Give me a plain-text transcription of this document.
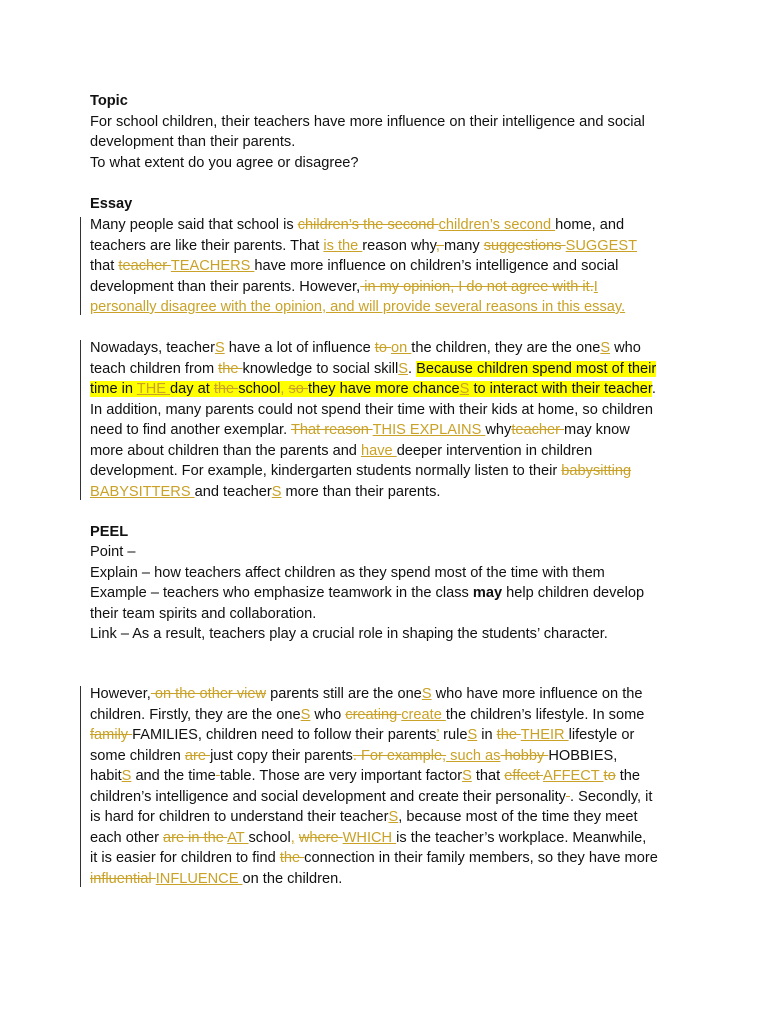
Topic
For school children, their teachers have more influence on their intelligence and social
development than their parents.
To what extent do you agree or disagree?
Essay
PEEL
Point –
Explain – how teachers affect children as they spend most of the time with them
Example – teachers who emphasize teamwork in the class may help children develop
their team spirits and collaboration.
Link – As a result, teachers play a crucial role in shaping the students’ character.
Many people said that school is children’s the second children’s second home, and
teachers are like their parents. That is the reason why, many suggestions SUGGEST
that teacher TEACHERS have more influence on children’s intelligence and social
development than their parents. However, in my opinion, I do not agree with it.I
personally disagree with the opinion, and will provide several reasons in this essay.
Nowadays, teacherS have a lot of influence to on the children, they are the oneS who
teach children from the knowledge to social skillS. Because children spend most of their
time in THE day at the school, so they have more chanceS to interact with their teacher.
In addition, many parents could not spend their time with their kids at home, so children
need to find another exemplar. That reason THIS EXPLAINS whyteacher may know
more about children than the parents and have deeper intervention in children
development. For example, kindergarten students normally listen to their babysitting
BABYSITTERS and teacherS more than their parents.
However, on the other view parents still are the oneS who have more influence on the
children. Firstly, they are the oneS who creating create the children’s lifestyle. In some
family FAMILIES, children need to follow their parents’ ruleS in the THEIR lifestyle or
some children are just copy their parents. For example, such as hobby HOBBIES,
habitS and the time table. Those are very important factorS that effect AFFECT to the
children’s intelligence and social development and create their personality . Secondly, it
is hard for children to understand their teacherS, because most of the time they meet
each other are in the AT school, where WHICH is the teacher’s workplace. Meanwhile,
it is easier for children to find the connection in their family members, so they have more
influential INFLUENCE on the children.
